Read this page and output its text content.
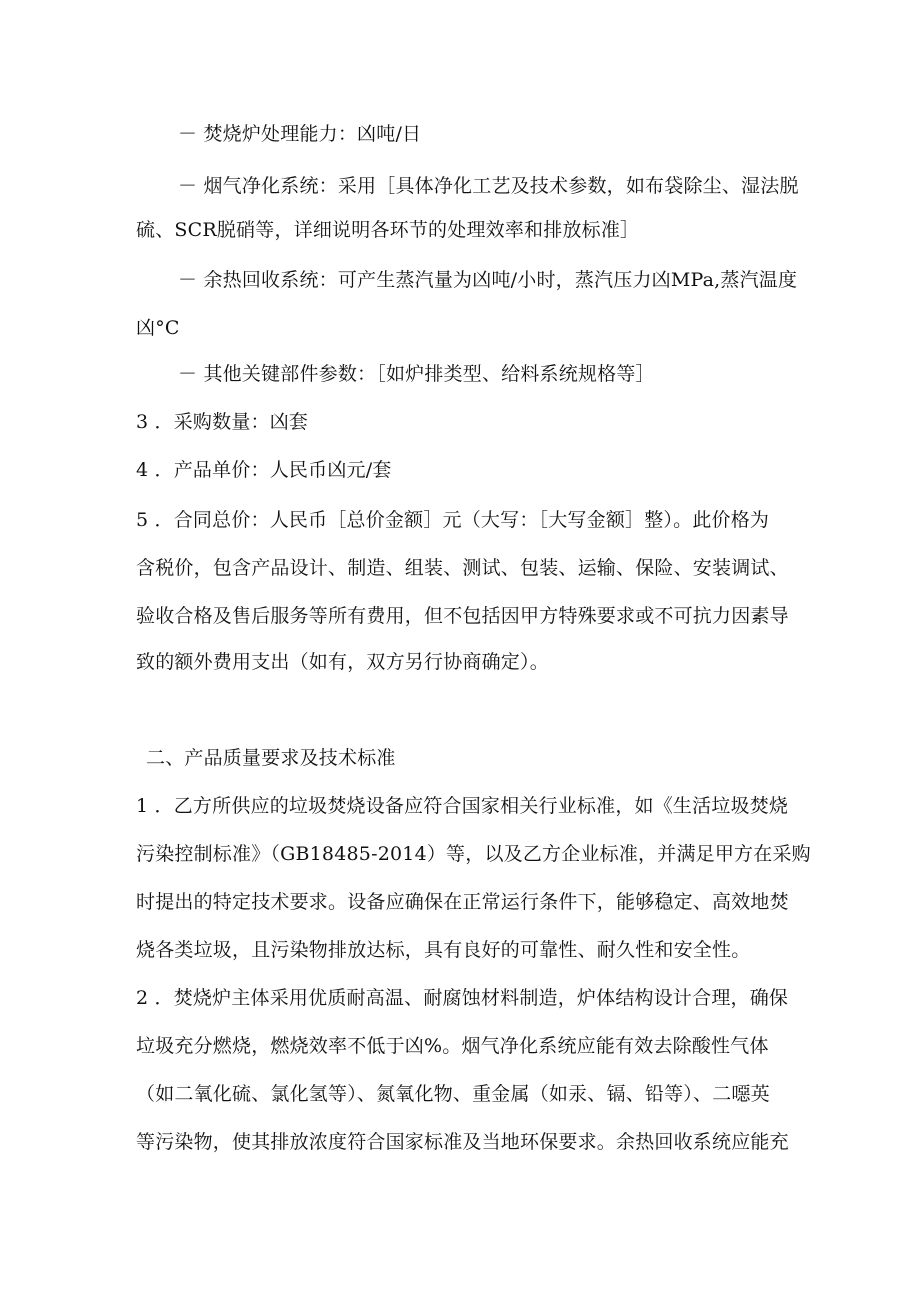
－ 焚烧炉处理能力：凶吨/日
－ 烟气净化系统：采用［具体净化工艺及技术参数，如布袋除尘、湿法脱
硫、SCR脱硝等，详细说明各环节的处理效率和排放标准］
－ 余热回收系统：可产生蒸汽量为凶吨/小时，蒸汽压力凶MPa,蒸汽温度
凶°C
－ 其他关键部件参数：［如炉排类型、给料系统规格等］
3 ．采购数量：凶套
4 ．产品单价：人民币凶元/套
5 ．合同总价：人民币［总价金额］元（大写：［大写金额］整）。此价格为
含税价，包含产品设计、制造、组装、测试、包装、运输、保险、安装调试、
验收合格及售后服务等所有费用，但不包括因甲方特殊要求或不可抗力因素导
致的额外费用支出（如有，双方另行协商确定）。
二、产品质量要求及技术标准
1 ．乙方所供应的垃圾焚烧设备应符合国家相关行业标准，如《生活垃圾焚烧
污染控制标准》（GB18485-2014）等，以及乙方企业标准，并满足甲方在采购
时提出的特定技术要求。设备应确保在正常运行条件下，能够稳定、高效地焚
烧各类垃圾，且污染物排放达标，具有良好的可靠性、耐久性和安全性。
2 ．焚烧炉主体采用优质耐高温、耐腐蚀材料制造，炉体结构设计合理，确保
垃圾充分燃烧，燃烧效率不低于凶%。烟气净化系统应能有效去除酸性气体
（如二氧化硫、氯化氢等）、氮氧化物、重金属（如汞、镉、铅等）、二噁英
等污染物，使其排放浓度符合国家标准及当地环保要求。余热回收系统应能充
